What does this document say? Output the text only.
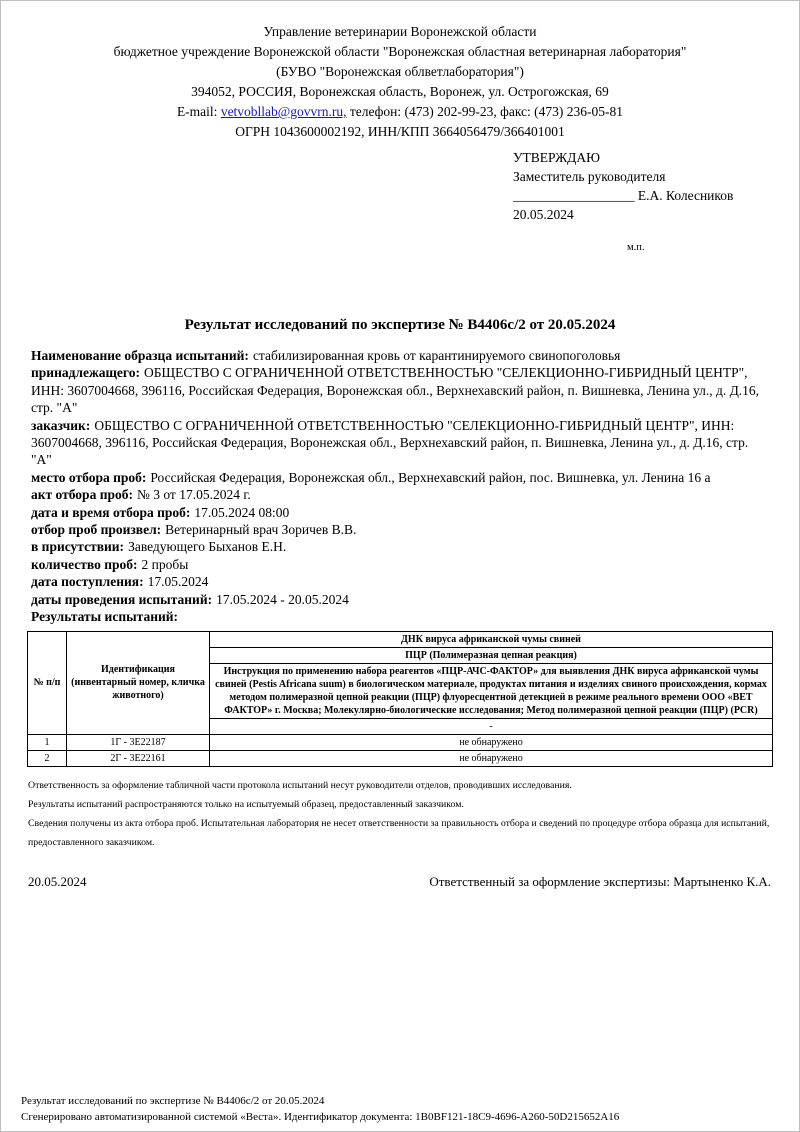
Управление ветеринарии Воронежской области
бюджетное учреждение Воронежской области "Воронежская областная ветеринарная лаборатория"
(БУВО "Воронежская облветлаборатория")
394052, РОССИЯ, Воронежская область, Воронеж, ул. Острогожская, 69
E-mail: vetvobllab@govvrn.ru, телефон: (473) 202-99-23, факс: (473) 236-05-81
ОГРН 1043600002192, ИНН/КПП 3664056479/366401001
УТВЕРЖДАЮ
Заместитель руководителя
__________________ Е.А. Колесников
20.05.2024
м.п.
Результат исследований по экспертизе № В4406с/2 от 20.05.2024

Наименование образца испытаний: стабилизированная кровь от карантинируемого свинопоголовья

принадлежащего: ОБЩЕСТВО С ОГРАНИЧЕННОЙ ОТВЕТСТВЕННОСТЬЮ "СЕЛЕКЦИОННО-ГИБРИДНЫЙ ЦЕНТР", ИНН: 3607004668, 396116, Российская Федерация, Воронежская обл., Верхнехавский район, п. Вишневка, Ленина ул., д. Д.16, стр. "А"

заказчик: ОБЩЕСТВО С ОГРАНИЧЕННОЙ ОТВЕТСТВЕННОСТЬЮ "СЕЛЕКЦИОННО-ГИБРИДНЫЙ ЦЕНТР", ИНН: 3607004668, 396116, Российская Федерация, Воронежская обл., Верхнехавский район, п. Вишневка, Ленина ул., д. Д.16, стр. "А"

место отбора проб: Российская Федерация, Воронежская обл., Верхнехавский район, пос. Вишневка, ул. Ленина 16 а

акт отбора проб: № 3 от 17.05.2024 г.

дата и время отбора проб: 17.05.2024 08:00

отбор проб произвел: Ветеринарный врач Зоричев В.В.

в присутствии: Заведующего Быханов Е.Н.

количество проб: 2 пробы

дата поступления: 17.05.2024

даты проведения испытаний: 17.05.2024 - 20.05.2024

Результаты испытаний:

№ п/п	Идентификация (инвентарный номер, кличка животного)	ДНК вируса африканской чумы свиней
		ПЦР (Полимеразная цепная реакция)
		Инструкция по применению набора реагентов «ПЦР-АЧС-ФАКТОР» для выявления ДНК вируса африканской чумы свиней (Pestis Africana suum) в биологическом материале, продуктах питания и изделиях свиного происхождения, кормах методом полимеразной цепной реакции (ПЦР) флуоресцентной детекцией в режиме реального времени ООО «ВЕТ ФАКТОР» г. Москва; Молекулярно-биологические исследования; Метод полимеразной цепной реакции (ПЦР) (PCR)
		-
1	1Г - 3Е22187	не обнаружено
2	2Г - 3Е22161	не обнаружено

Ответственность за оформление табличной части протокола испытаний несут руководители отделов, проводивших исследования.

Результаты испытаний распространяются только на испытуемый образец, предоставленный заказчиком.

Сведения получены из акта отбора проб. Испытательная лаборатория не несет ответственности за правильность отбора и сведений по процедуре отбора образца для испытаний, предоставленного заказчиком.

20.05.2024	Ответственный за оформление экспертизы: Мартыненко К.А.
Результат исследований по экспертизе № В4406с/2 от 20.05.2024
Сгенерировано автоматизированной системой «Веста». Идентификатор документа: 1B0BF121-18C9-4696-A260-50D215652A16
